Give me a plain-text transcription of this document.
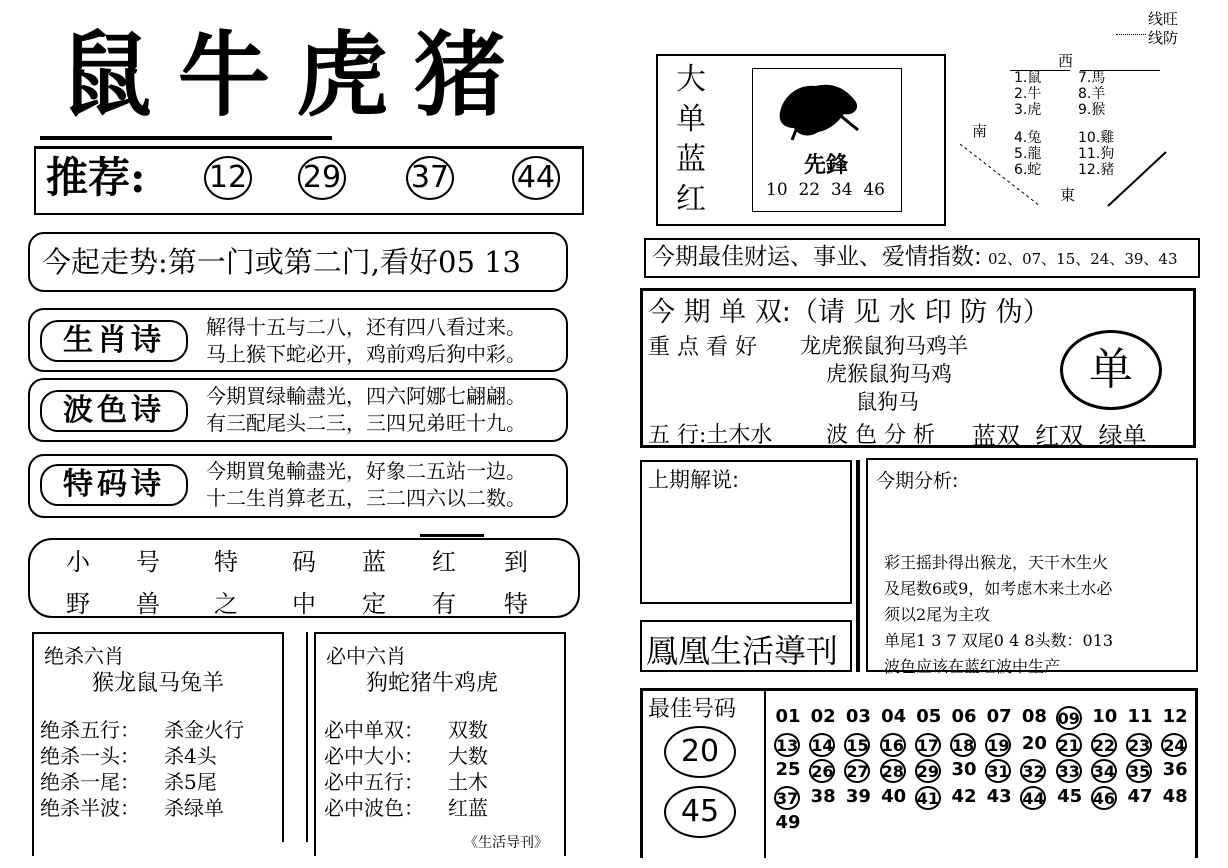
鼠牛虎猪
推荐: 12 29 37 44
今起走势:第一门或第二门,看好05 13
生肖诗	解得十五与二八，还有四八看过来。
马上猴下蛇必开，鸡前鸡后狗中彩。
波色诗	今期買绿輸盡光，四六阿娜七翩翩。
有三配尾头二三，三四兄弟旺十九。
特码诗	今期買兔輸盡光，好象二五站一边。
十二生肖算老五，三二四六以二数。
绝杀六肖
猴龙鼠马兔羊
绝杀五行： 杀金火行
绝杀一头： 杀4头
绝杀一尾： 杀5尾
绝杀半波： 杀绿单
必中六肖
狗蛇猪牛鸡虎
必中单双： 双数
必中大小： 大数
必中五行： 土木
必中波色： 红蓝
《生活导刊》
线旺
线防
大
单
蓝
红
先鋒
10  22  34  46
西
南
東
1.鼠
2.牛
3.虎
4.兔
5.龍
6.蛇
7.馬
8.羊
9.猴
10.雞
11.狗
12.豬
今期最佳财运、事业、爱情指数: 02、07、15、24、39、43
今 期 单 双:（请 见 水 印 防 伪）
重 点 看 好 龙虎猴鼠狗马鸡羊
虎猴鼠狗马鸡
鼠狗马
单
五 行:土木水 波 色 分 析 蓝双  红双  绿单
上期解说:
鳳凰生活導刊
今期分析:
彩王摇卦得出猴龙，天干木生火
及尾数6或9，如考虑木来土水必
须以2尾为主攻
单尾1 3 7 双尾0 4 8头数：013
波色应该在蓝红波中生产
最佳号码
20
45
小	号	特	码	蓝	红	到
野	兽	之	中	定	有	特
01 02 03 04 05 06 07 08 09 10 11 12
13 14 15 16 17 18 19 20 21 22 23 24
25 26 27 28 29 30 31 32 33 34 35 36
37 38 39 40 41 42 43 44 45 46 47 48
49
